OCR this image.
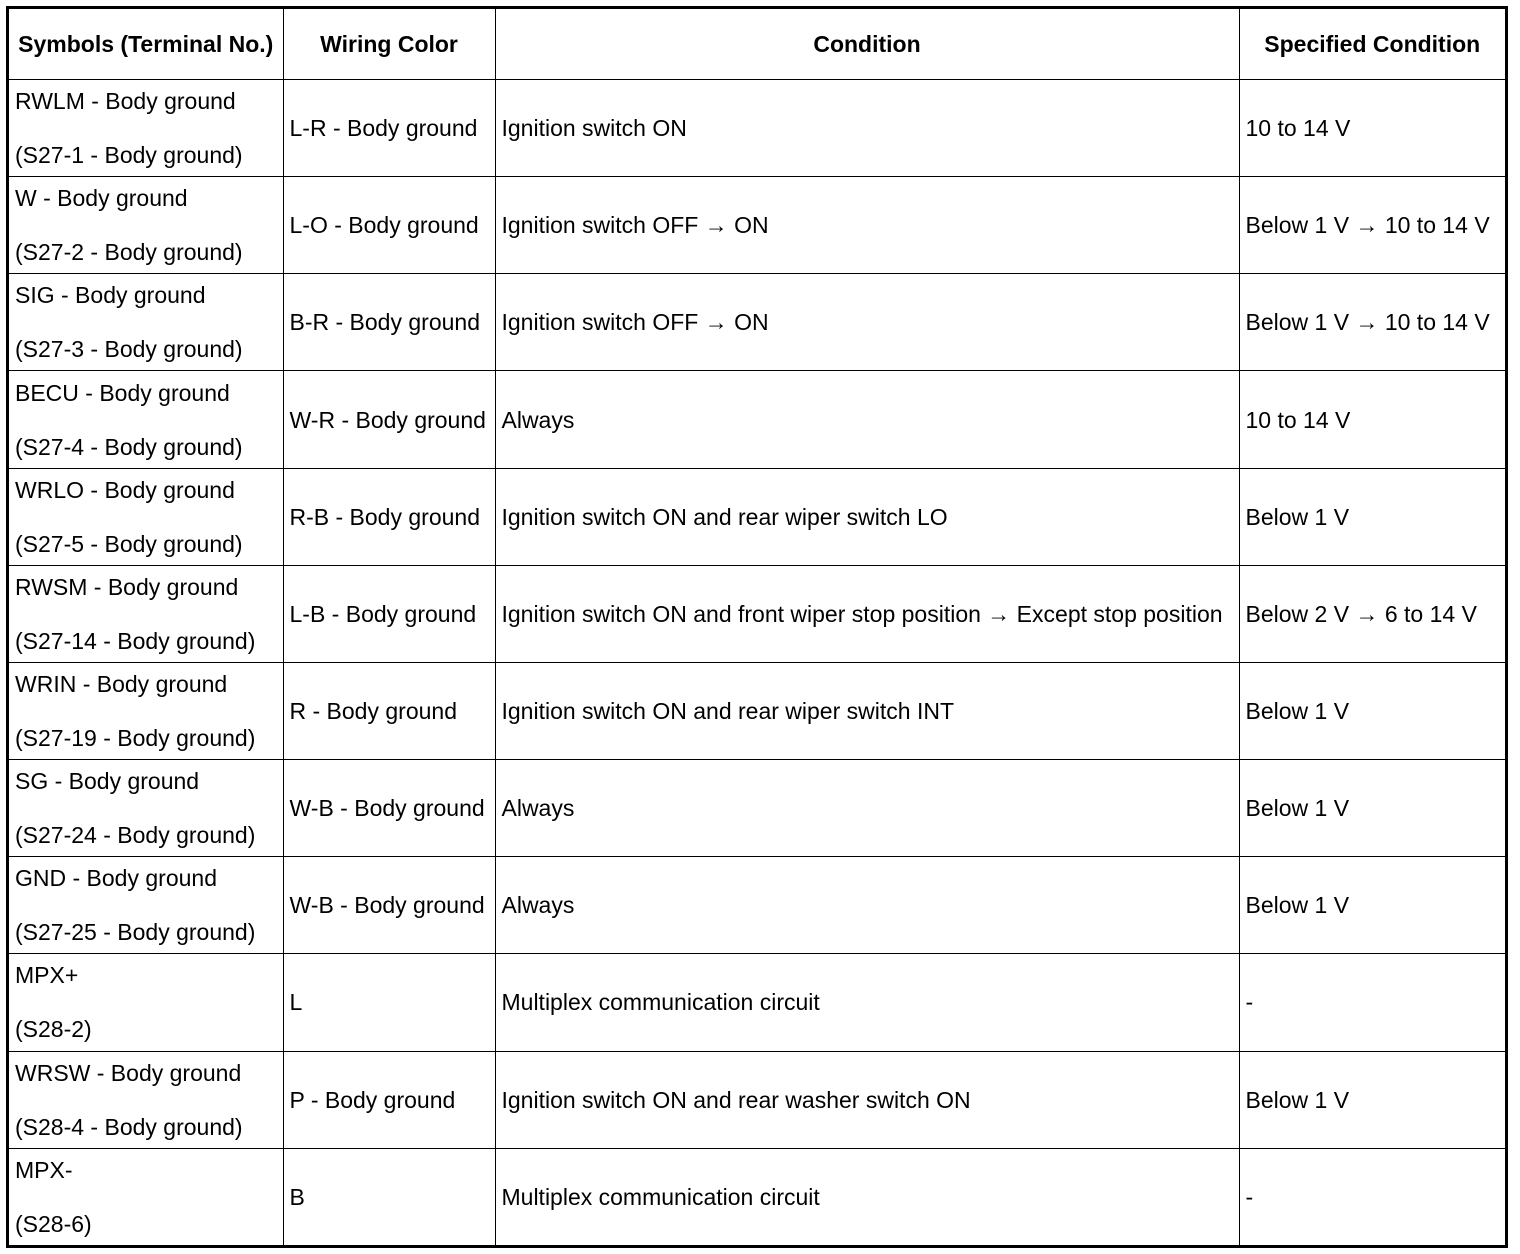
Symbols (Terminal No.)	Wiring Color	Condition	Specified Condition

RWLM - Body ground
(S27-1 - Body ground)	L-R - Body ground	Ignition switch ON	10 to 14 V

W - Body ground
(S27-2 - Body ground)	L-O - Body ground	Ignition switch OFF → ON	Below 1 V → 10 to 14 V

SIG - Body ground
(S27-3 - Body ground)	B-R - Body ground	Ignition switch OFF → ON	Below 1 V → 10 to 14 V

BECU - Body ground
(S27-4 - Body ground)	W-R - Body ground	Always	10 to 14 V

WRLO - Body ground
(S27-5 - Body ground)	R-B - Body ground	Ignition switch ON and rear wiper switch LO	Below 1 V

RWSM - Body ground
(S27-14 - Body ground)	L-B - Body ground	Ignition switch ON and front wiper stop position → Except stop position	Below 2 V → 6 to 14 V

WRIN - Body ground
(S27-19 - Body ground)	R - Body ground	Ignition switch ON and rear wiper switch INT	Below 1 V

SG - Body ground
(S27-24 - Body ground)	W-B - Body ground	Always	Below 1 V

GND - Body ground
(S27-25 - Body ground)	W-B - Body ground	Always	Below 1 V

MPX+
(S28-2)	L	Multiplex communication circuit	-

WRSW - Body ground
(S28-4 - Body ground)	P - Body ground	Ignition switch ON and rear washer switch ON	Below 1 V

MPX-
(S28-6)	B	Multiplex communication circuit	-
